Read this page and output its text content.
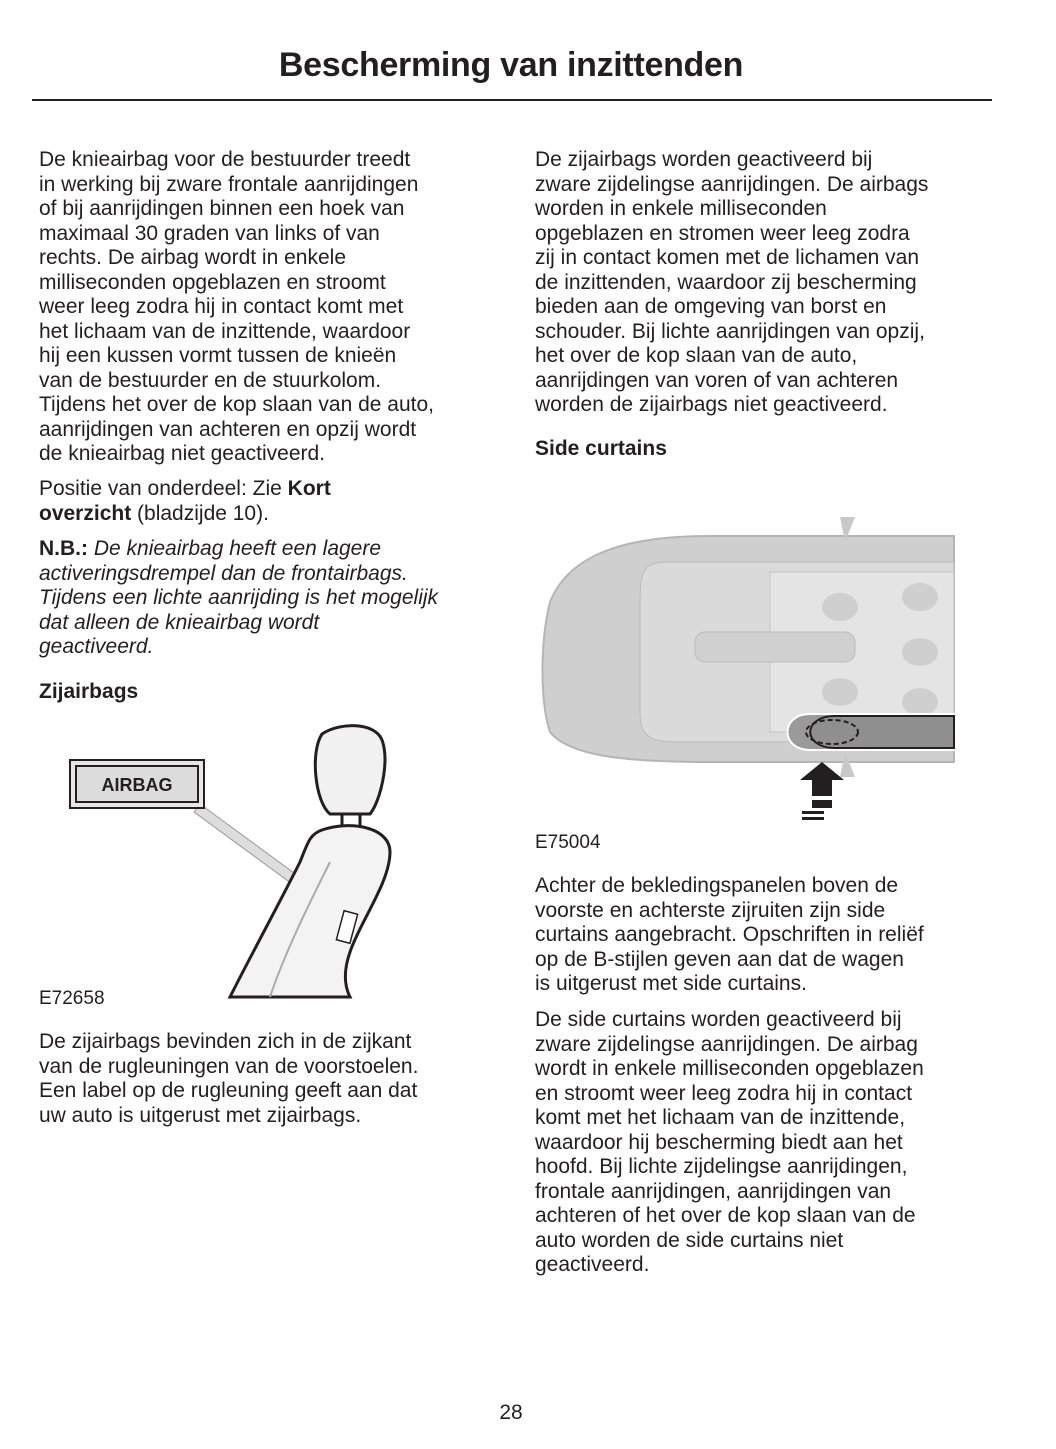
Bescherming van inzittenden
De knieairbag voor de bestuurder treedt
in werking bij zware frontale aanrijdingen
of bij aanrijdingen binnen een hoek van
maximaal 30 graden van links of van
rechts. De airbag wordt in enkele
milliseconden opgeblazen en stroomt
weer leeg zodra hij in contact komt met
het lichaam van de inzittende, waardoor
hij een kussen vormt tussen de knieën
van de bestuurder en de stuurkolom.
Tijdens het over de kop slaan van de auto,
aanrijdingen van achteren en opzij wordt
de knieairbag niet geactiveerd.
Positie van onderdeel: Zie Kort
overzicht (bladzijde 10).
N.B.: De knieairbag heeft een lagere
activeringsdrempel dan de frontairbags.
Tijdens een lichte aanrijding is het mogelijk
dat alleen de knieairbag wordt
geactiveerd.
Zijairbags
AIRBAG
E72658
De zijairbags bevinden zich in de zijkant
van de rugleuningen van de voorstoelen.
Een label op de rugleuning geeft aan dat
uw auto is uitgerust met zijairbags.
De zijairbags worden geactiveerd bij
zware zijdelingse aanrijdingen. De airbags
worden in enkele milliseconden
opgeblazen en stromen weer leeg zodra
zij in contact komen met de lichamen van
de inzittenden, waardoor zij bescherming
bieden aan de omgeving van borst en
schouder. Bij lichte aanrijdingen van opzij,
het over de kop slaan van de auto,
aanrijdingen van voren of van achteren
worden de zijairbags niet geactiveerd.
Side curtains
E75004
Achter de bekledingspanelen boven de
voorste en achterste zijruiten zijn side
curtains aangebracht. Opschriften in reliëf
op de B-stijlen geven aan dat de wagen
is uitgerust met side curtains.
De side curtains worden geactiveerd bij
zware zijdelingse aanrijdingen. De airbag
wordt in enkele milliseconden opgeblazen
en stroomt weer leeg zodra hij in contact
komt met het lichaam van de inzittende,
waardoor hij bescherming biedt aan het
hoofd. Bij lichte zijdelingse aanrijdingen,
frontale aanrijdingen, aanrijdingen van
achteren of het over de kop slaan van de
auto worden de side curtains niet
geactiveerd.
28
